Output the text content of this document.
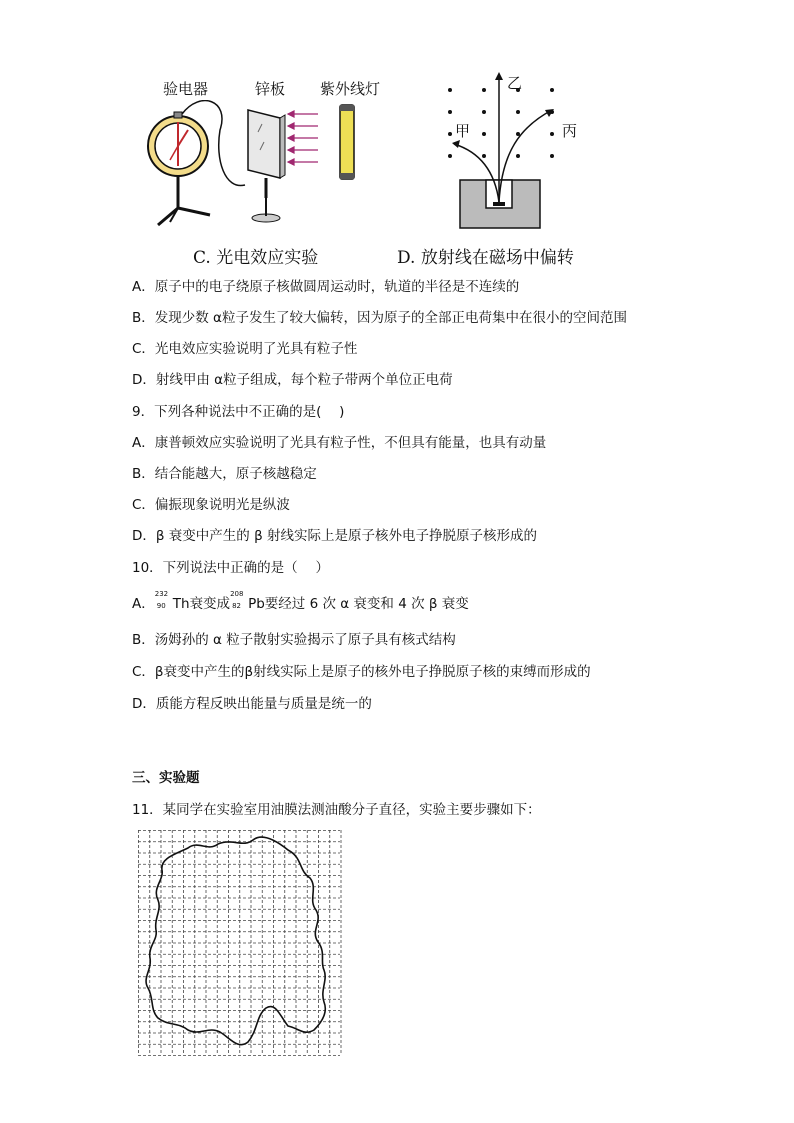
验电器	锌板 紫外线灯	乙
甲	丙
C. 光电效应实验	D. 放射线在磁场中偏转
A．原子中的电子绕原子核做圆周运动时，轨道的半径是不连续的
B．发现少数 α粒子发生了较大偏转，因为原子的全部正电荷集中在很小的空间范围
C．光电效应实验说明了光具有粒子性
D．射线甲由 α粒子组成，每个粒子带两个单位正电荷
9．下列各种说法中不正确的是(　 )
A．康普顿效应实验说明了光具有粒子性，不但具有能量，也具有动量
B．结合能越大，原子核越稳定
C．偏振现象说明光是纵波
D．β 衰变中产生的 β 射线实际上是原子核外电子挣脱原子核形成的
10．下列说法中正确的是（　 ）
A．
232
90 Th衰变成
208
82 Pb要经过 6 次 α 衰变和 4 次 β 衰变
B．汤姆孙的 α 粒子散射实验揭示了原子具有核式结构
C．β衰变中产生的β射线实际上是原子的核外电子挣脱原子核的束缚而形成的
D．质能方程反映出能量与质量是统一的
三、实验题
11．某同学在实验室用油膜法测油酸分子直径，实验主要步骤如下：
